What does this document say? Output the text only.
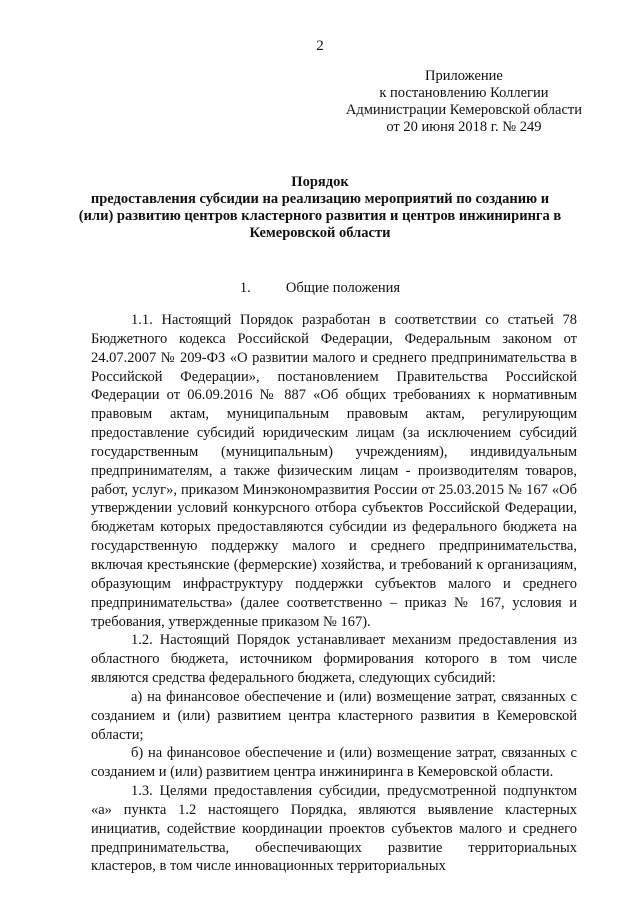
2
Приложение
к постановлению Коллегии
Администрации Кемеровской области
от 20 июня 2018 г. № 249
Порядок
предоставления субсидии на реализацию мероприятий по созданию и
(или) развитию центров кластерного развития и центров инжиниринга в
Кемеровской области
1. Общие положения

1.1. Настоящий Порядок разработан в соответствии со статьей 78 Бюджетного кодекса Российской Федерации, Федеральным законом от 24.07.2007 № 209-ФЗ «О развитии малого и среднего предпринимательства в Российской Федерации», постановлением Правительства Российской Федерации от 06.09.2016 № 887 «Об общих требованиях к нормативным правовым актам, муниципальным правовым актам, регулирующим предоставление субсидий юридическим лицам (за исключением субсидий государственным (муниципальным) учреждениям), индивидуальным предпринимателям, а также физическим лицам - производителям товаров, работ, услуг», приказом Минэкономразвития России от 25.03.2015 № 167 «Об утверждении условий конкурсного отбора субъектов Российской Федерации, бюджетам которых предоставляются субсидии из федерального бюджета на государственную поддержку малого и среднего предпринимательства, включая крестьянские (фермерские) хозяйства, и требований к организациям, образующим инфраструктуру поддержки субъектов малого и среднего предпринимательства» (далее соответственно – приказ № 167, условия и требования, утвержденные приказом № 167).

1.2. Настоящий Порядок устанавливает механизм предоставления из областного бюджета, источником формирования которого в том числе являются средства федерального бюджета, следующих субсидий:

а) на финансовое обеспечение и (или) возмещение затрат, связанных с созданием и (или) развитием центра кластерного развития в Кемеровской области;

б) на финансовое обеспечение и (или) возмещение затрат, связанных с созданием и (или) развитием центра инжиниринга в Кемеровской области.

1.3. Целями предоставления субсидии, предусмотренной подпунктом «а» пункта 1.2 настоящего Порядка, являются выявление кластерных инициатив, содействие координации проектов субъектов малого и среднего предпринимательства, обеспечивающих развитие территориальных кластеров, в том числе инновационных территориальных
